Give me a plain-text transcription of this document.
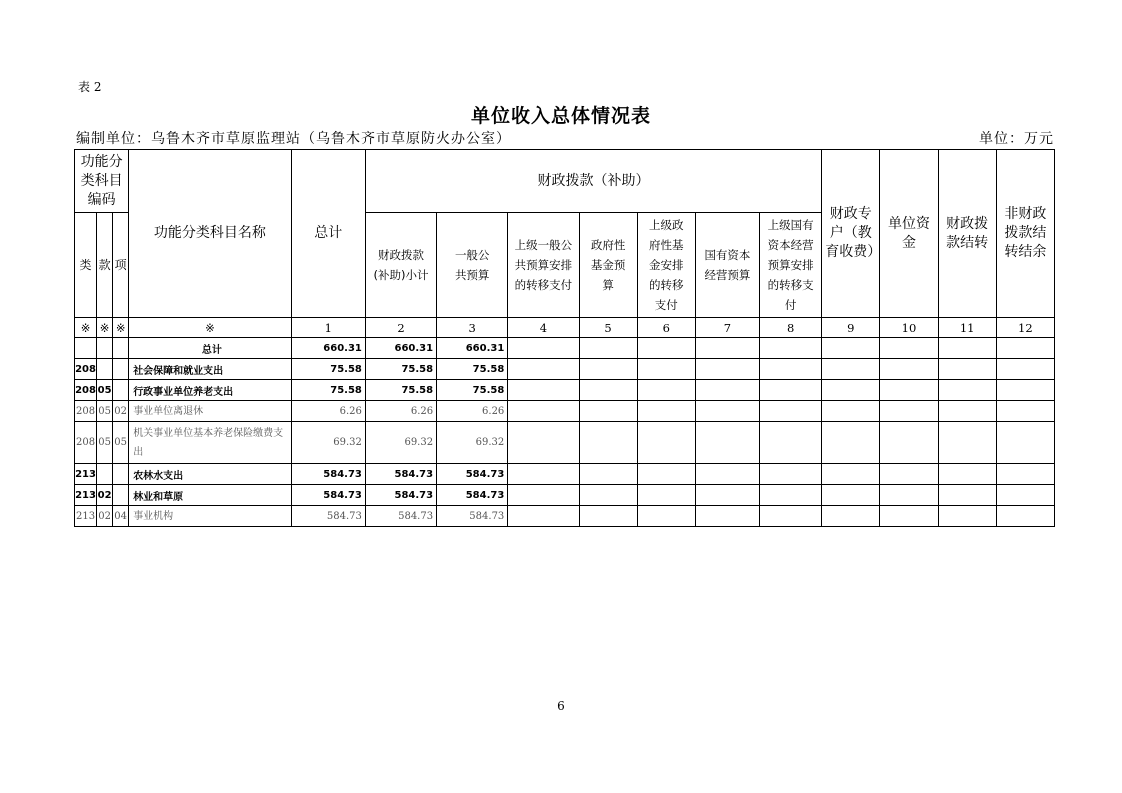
表 2
单位收入总体情况表
编制单位：乌鲁木齐市草原监理站（乌鲁木齐市草原防火办公室）	单位：万元
功能分类科目编码			功能分类科目名称	总计	财政拨款（补助）							财政专户（教育收费）	单位资金	财政拨款结转	非财政拨款结转结余

类	款	项			财政拨款(补助)小计	一般公共预算	上级一般公共预算安排的转移支付	政府性基金预算	上级政府性基金安排的转移支付	国有资本经营预算	上级国有资本经营预算安排的转移支付				

※	※	※	※	1	2	3	4	5	6	7	8	9	10	11	12
			总计	660.31	660.31	660.31									
208			社会保障和就业支出	75.58	75.58	75.58									
208	05		行政事业单位养老支出	75.58	75.58	75.58									
208	05	02	事业单位离退休	6.26	6.26	6.26									
208	05	05	机关事业单位基本养老保险缴费支出	69.32	69.32	69.32									
213			农林水支出	584.73	584.73	584.73									
213	02		林业和草原	584.73	584.73	584.73									
213	02	04	事业机构	584.73	584.73	584.73									
6
